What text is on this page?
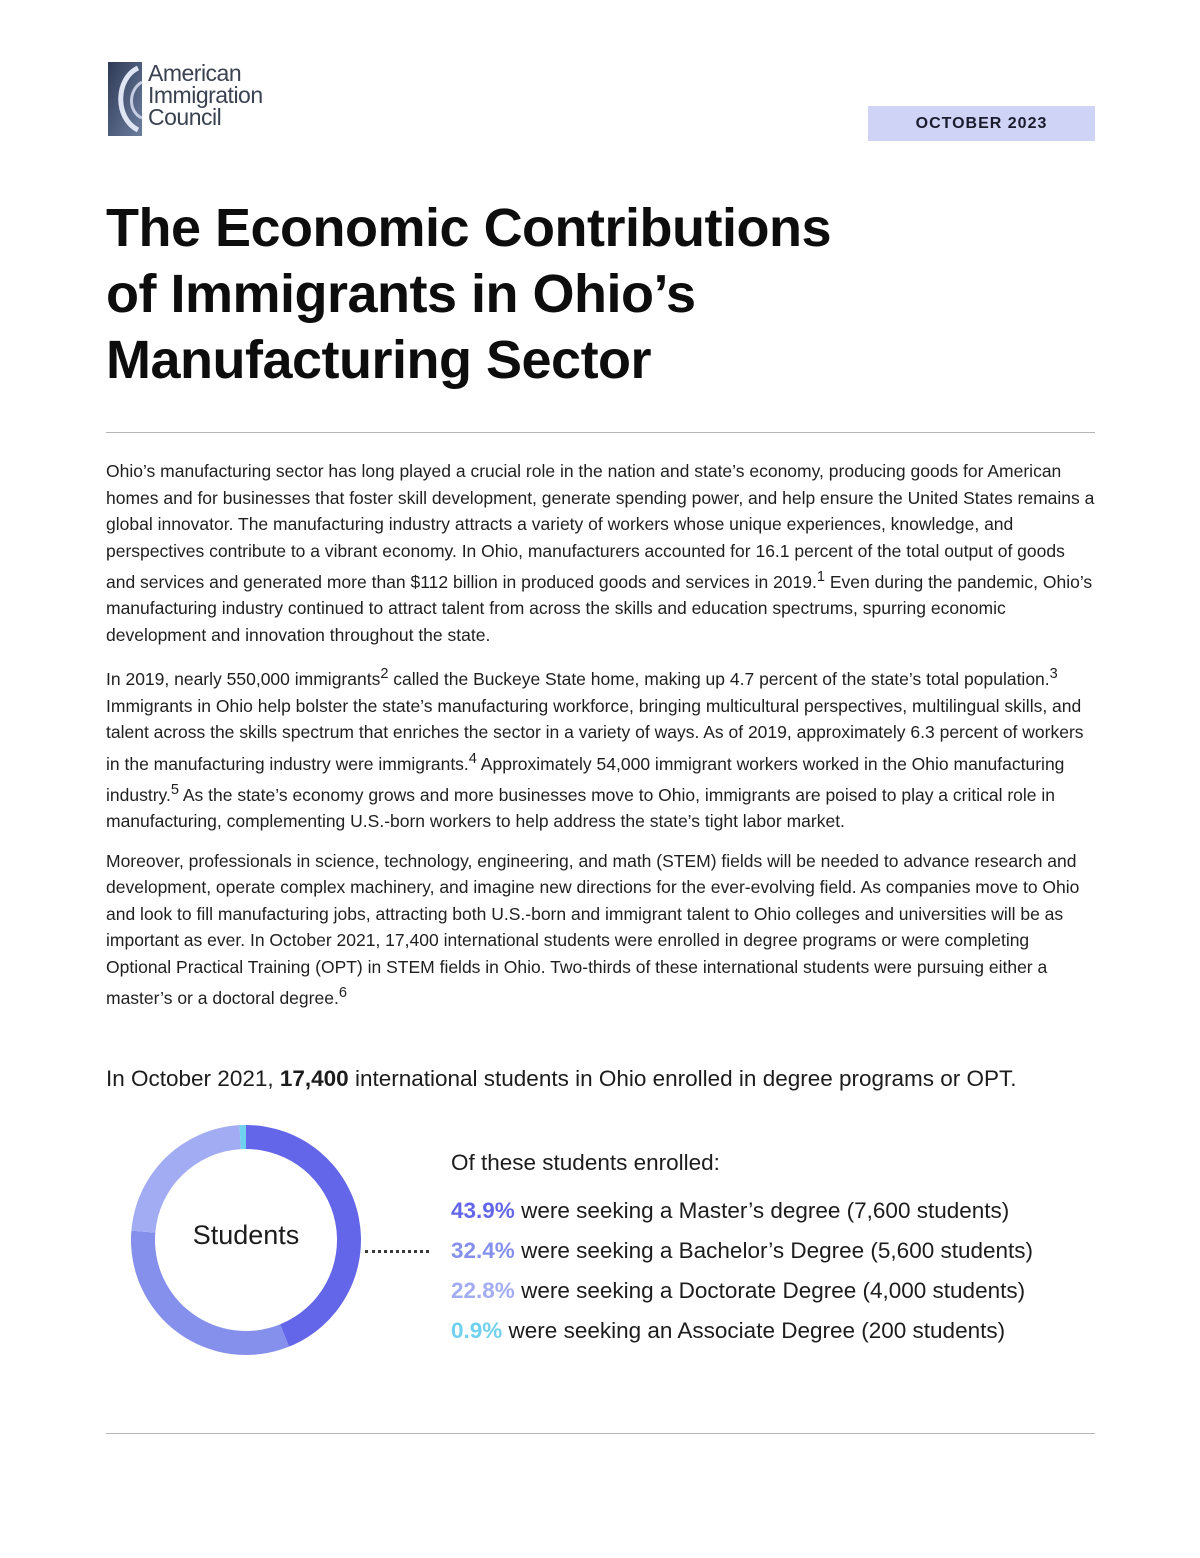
American
Immigration
Council	OCTOBER 2023
The Economic Contributions
of Immigrants in Ohio’s
Manufacturing Sector

Ohio’s manufacturing sector has long played a crucial role in the nation and state’s economy, producing goods for American homes and for businesses that foster skill development, generate spending power, and help ensure the United States remains a global innovator. The manufacturing industry attracts a variety of workers whose unique experiences, knowledge, and perspectives contribute to a vibrant economy. In Ohio, manufacturers accounted for 16.1 percent of the total output of goods and services and generated more than $112 billion in produced goods and services in 2019.$^1$ Even during the pandemic, Ohio’s manufacturing industry continued to attract talent from across the skills and education spectrums, spurring economic development and innovation throughout the state.

In 2019, nearly 550,000 immigrants$^2$ called the Buckeye State home, making up 4.7 percent of the state’s total population.$^3$ Immigrants in Ohio help bolster the state’s manufacturing workforce, bringing multicultural perspectives, multilingual skills, and talent across the skills spectrum that enriches the sector in a variety of ways. As of 2019, approximately 6.3 percent of workers in the manufacturing industry were immigrants.$^4$ Approximately 54,000 immigrant workers worked in the Ohio manufacturing industry.$^5$ As the state’s economy grows and more businesses move to Ohio, immigrants are poised to play a critical role in manufacturing, complementing U.S.-born workers to help address the state’s tight labor market.

Moreover, professionals in science, technology, engineering, and math (STEM) fields will be needed to advance research and development, operate complex machinery, and imagine new directions for the ever-evolving field. As companies move to Ohio and look to fill manufacturing jobs, attracting both U.S.-born and immigrant talent to Ohio colleges and universities will be as important as ever. In October 2021, 17,400 international students were enrolled in degree programs or were completing Optional Practical Training (OPT) in STEM fields in Ohio. Two-thirds of these international students were pursuing either a master’s or a doctoral degree.$^6$

In October 2021, 17,400 international students in Ohio enrolled in degree programs or OPT.
Students
Of these students enrolled:
43.9% were seeking a Master’s degree (7,600 students)
32.4% were seeking a Bachelor’s Degree (5,600 students)
22.8% were seeking a Doctorate Degree (4,000 students)
0.9% were seeking an Associate Degree (200 students)
